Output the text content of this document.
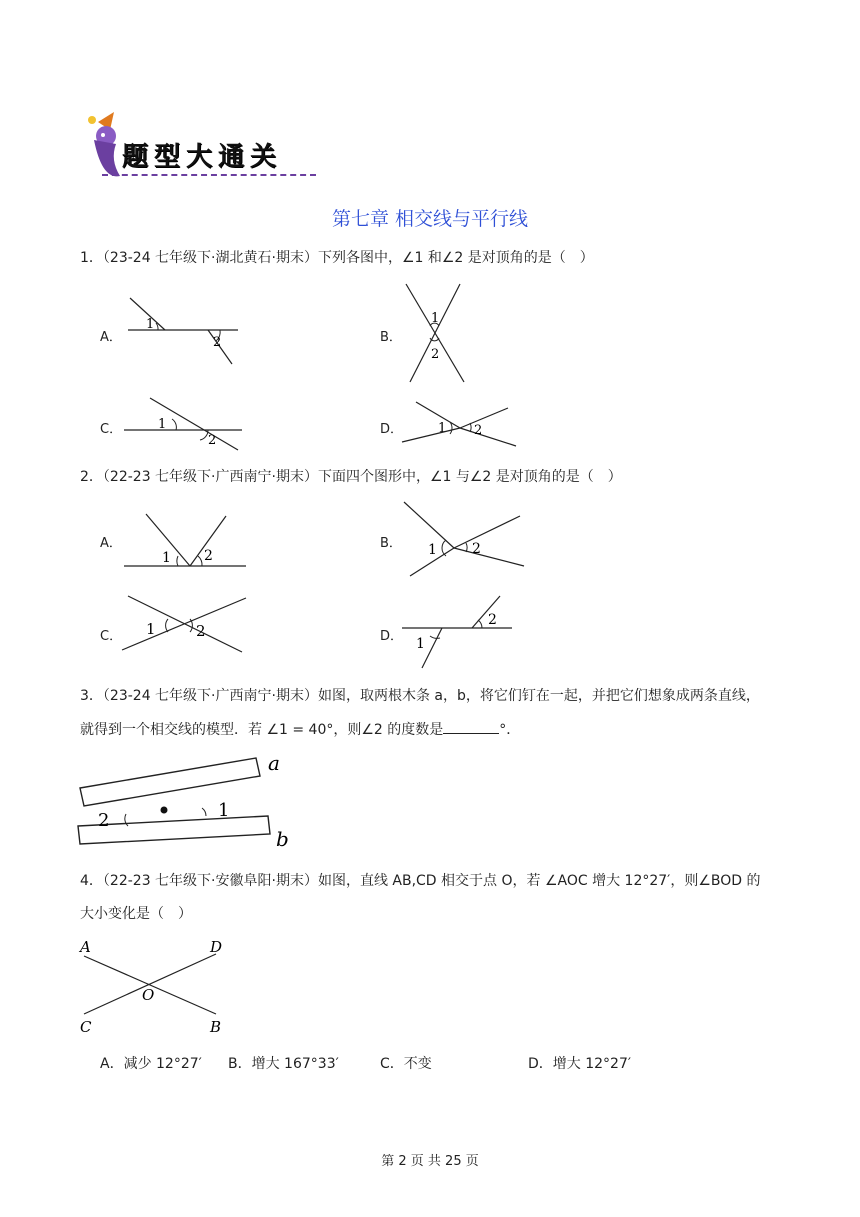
题型大通关
第七章 相交线与平行线
1．（23-24 七年级下·湖北黄石·期末）下列各图中，∠1 和∠2 是对顶角的是（　）
A．	B．
C．	D．
1
2
1
2
1
2
1 2
2．（22-23 七年级下·广西南宁·期末）下面四个图形中，∠1 与∠2 是对顶角的是（　）
A．	B．
C．	D．
1 2	1	2
1	2
1
2
3．（23-24 七年级下·广西南宁·期末）如图，取两根木条 a，b，将它们钉在一起，并把它们想象成两条直线，
就得到一个相交线的模型．若 ∠1 = 40°，则∠2 的度数是	°．
2	1
a
b
4．（22-23 七年级下·安徽阜阳·期末）如图，直线 AB,CD 相交于点 O，若 ∠AOC 增大 12°27′，则∠BOD 的
大小变化是（　）
A	D
O
C	B
A．减少 12°27′ B．增大 167°33′	C．不变	D．增大 12°27′
第 2 页 共 25 页
